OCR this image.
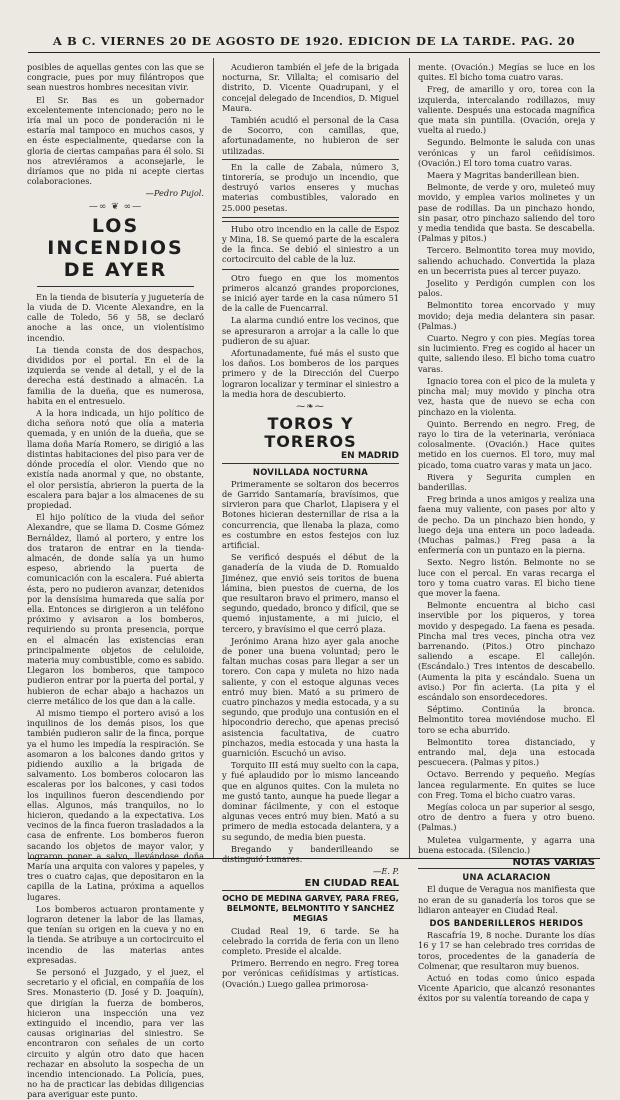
A B C. VIERNES 20 DE AGOSTO DE 1920. EDICION DE LA TARDE. PAG. 20

posibles de aquellas gentes con las que se congracie, pues por muy filántropos que sean nuestros hombres necesitan vivir.

El Sr. Bas es un gobernador excelentemente intencionado; pero no le iría mal un poco de ponderación ni le estaría mal tampoco en muchos casos, y en éste especialmente, quedarse con la gloria de ciertas campañas para él solo. Si nos atreviéramos a aconsejarle, le diríamos que no pida ni acepte ciertas colaboraciones.

—Pedro Pujol.

—∞ ❦ ∞—
LOS INCENDIOS
DE AYER

En la tienda de bisutería y juguetería de la viuda de D. Vicente Alexandre, en la calle de Toledo, 56 y 58, se declaró anoche a las once, un violentísimo incendio.

La tienda consta de dos despachos, divididos por el portal. En el de la izquierda se vende al detall, y el de la derecha está destinado a almacén. La familia de la dueña, que es numerosa, habita en el entresuelo.

A la hora indicada, un hijo político de dicha señora notó que olía a materia quemada, y en unión de la dueña, que se llama doña María Romero, se dirigió a las distintas habitaciones del piso para ver de dónde procedía el olor. Viendo que no existía nada anormal y que, no obstante, el olor persistía, abrieron la puerta de la escalera para bajar a los almacenes de su propiedad.

El hijo político de la viuda del señor Alexandre, que se llama D. Cosme Gómez Bernáldez, llamó al portero, y entre los dos trataron de entrar en la tienda-almacén, de donde salía ya un humo espeso, abriendo la puerta de comunicación con la escalera. Fué abierta ésta, pero no pudieron avanzar, detenidos por la densísima humareda que salía por ella. Entonces se dirigieron a un teléfono próximo y avisaron a los bomberos, requiriendo su pronta presencia, porque en el almacén las existencias eran principalmente objetos de celuloide, materia muy combustible, como es sabido. Llegaron los bomberos, que tampoco pudieron entrar por la puerta del portal, y hubieron de echar abajo a hachazos un cierre metálico de los que dan a la calle.

Al mismo tiempo el portero avisó a los inquilinos de los demás pisos, los que también pudieron salir de la finca, porque ya el humo les impedía la respiración. Se asomaron a los balcones dando gritos y pidiendo auxilio a la brigada de salvamento. Los bomberos colocaron las escaleras por los balcones, y casi todos los inquilinos fueron descendiendo por ellas. Algunos, más tranquilos, no lo hicieron, quedando a la expectativa. Los vecinos de la finca fueron trasladados a la casa de enfrente. Los bomberos fueron sacando los objetos de mayor valor, y lograron poner a salvo, llevándose doña María una arquita con valores y papeles, y tres o cuatro cajas, que depositaron en la capilla de la Latina, próxima a aquellos lugares.

Los bomberos actuaron prontamente y lograron detener la labor de las llamas, que tenían su origen en la cueva y no en la tienda. Se atribuye a un cortocircuito el incendio de las materias antes expresadas.

Se personó el Juzgado, y el juez, el secretario y el oficial, en compañía de los Sres. Monasterio (D. José y D. Joaquín), que dirigían la fuerza de bomberos, hicieron una inspección una vez extinguido el incendio, para ver las causas originarias del siniestro. Se encontraron con señales de un corto circuito y algún otro dato que hacen rechazar en absoluto la sospecha de un incendio intencionado. La Policía, pues, no ha de practicar las debidas diligencias para averiguar este punto.

Acudieron también el jefe de la brigada nocturna, Sr. Villalta; el comisario del distrito, D. Vicente Quadrupani, y el concejal delegado de Incendios, D. Miguel Maura.

También acudió el personal de la Casa de Socorro, con camillas, que, afortunadamente, no hubieron de ser utilizadas.

En la calle de Zabala, número 3, tintorería, se produjo un incendio, que destruyó varios enseres y muchas materias combustibles, valorado en 25.000 pesetas.

Hubo otro incendio en la calle de Espoz y Mina, 18. Se quemó parte de la escalera de la finca. Se debió el siniestro a un cortocircuito del cable de la luz.

Otro fuego en que los momentos primeros alcanzó grandes proporciones, se inició ayer tarde en la casa número 51 de la calle de Fuencarral.

La alarma cundió entre los vecinos, que se apresuraron a arrojar a la calle lo que pudieron de su ajuar.

Afortunadamente, fué más el susto que los daños. Los bomberos de los parques primero y de la Dirección del Cuerpo lograron localizar y terminar el siniestro a la media hora de descubierto.

⁓❧⁓
TOROS Y TOREROS
EN MADRID
NOVILLADA NOCTURNA

Primeramente se soltaron dos becerros de Garrido Santamaría, bravísimos, que sirvieron para que Charlot, Llapisera y el Botones hicieran desternillar de risa a la concurrencia, que llenaba la plaza, como es costumbre en estos festejos con luz artificial.

Se verificó después el début de la ganadería de la viuda de D. Romualdo Jiménez, que envió seis toritos de buena lámina, bien puestos de cuerna, de los que resultaron bravo el primero, manso el segundo, quedado, bronco y difícil, que se quemó injustamente, a mi juicio, el tercero, y bravísimo el que cerró plaza.

Jerónimo Arana hizo ayer gala anoche de poner una buena voluntad; pero le faltan muchas cosas para llegar a ser un torero. Con capa y muleta no hizo nada saliente, y con el estoque algunas veces entró muy bien. Mató a su primero de cuatro pinchazos y media estocada, y a su segundo, que produjo una contusión en el hipocondrio derecho, que apenas precisó asistencia facultativa, de cuatro pinchazos, media estocada y una hasta la guarnición. Escuchó un aviso.

Torquito III está muy suelto con la capa, y fué aplaudido por lo mismo lanceando que en algunos quites. Con la muleta no me gustó tanto, aunque ha puede llegar a dominar fácilmente, y con el estoque algunas veces entró muy bien. Mató a su primero de media estocada delantera, y a su segundo, de media bien puesta.

Bregando y banderilleando se distinguió Lunares.

—E. P.

EN CIUDAD REAL
OCHO DE MEDINA GARVEY, PARA FREG, BELMONTE, BELMONTITO Y SANCHEZ MEGIAS

Ciudad Real 19, 6 tarde. Se ha celebrado la corrida de feria con un lleno completo. Preside el alcalde.

Primero. Berrendo en negro. Freg torea por verónicas ceñidísimas y artísticas. (Ovación.) Luego gallea primorosa-

mente. (Ovación.) Megías se luce en los quites. El bicho toma cuatro varas.

Freg, de amarillo y oro, torea con la izquierda, intercalando rodillazos, muy valiente. Después una estocada magnífica que mata sin puntilla. (Ovación, oreja y vuelta al ruedo.)

Segundo. Belmonte le saluda con unas verónicas y un farol ceñidísimos. (Ovación.) El toro toma cuatro varas.

Maera y Magritas banderillean bien.

Belmonte, de verde y oro, muleteó muy movido, y emplea varios molinetes y un pase de rodillas. Da un pinchazo hondo, sin pasar, otro pinchazo saliendo del toro y media tendida que basta. Se descabella. (Palmas y pitos.)

Tercero. Belmontito torea muy movido, saliendo achuchado. Convertida la plaza en un becerrista pues al tercer puyazo.

Joselito y Perdigón cumplen con los palos.

Belmontito torea encorvado y muy movido; deja media delantera sin pasar. (Palmas.)

Cuarto. Negro y con pies. Megías torea sin lucimiento. Freg es cogido al hacer un quite, saliendo ileso. El bicho toma cuatro varas.

Ignacio torea con el pico de la muleta y pincha mal; muy movido y pincha otra vez, hasta que de nuevo se echa con pinchazo en la violenta.

Quinto. Berrendo en negro. Freg, de rayo lo tira de la veterinaria, veróniaca colosalmente. (Ovación.) Hace quites metido en los cuernos. El toro, muy mal picado, toma cuatro varas y mata un jaco.

Rivera y Segurita cumplen en banderillas.

Freg brinda a unos amigos y realiza una faena muy valiente, con pases por alto y de pecho. Da un pinchazo bien hondo, y luego deja una entera un poco ladeada. (Muchas palmas.) Freg pasa a la enfermería con un puntazo en la pierna.

Sexto. Negro listón. Belmonte no se luce con el percal. En varas recarga el toro y toma cuatro varas. El bicho tiene que mover la faena.

Belmonte encuentra al bicho casi inservible por los piqueros, y torea movido y despegado. La faena es pesada. Pincha mal tres veces, pincha otra vez barrenando. (Pitos.) Otro pinchazo saliendo a escape. El callejón. (Escándalo.) Tres intentos de descabello. (Aumenta la pita y escándalo. Suena un aviso.) Por fin acierta. (La pita y el escándalo son ensordecedores.

Séptimo. Continúa la bronca. Belmontito torea moviéndose mucho. El toro se echa aburrido.

Belmontito torea distanciado, y entrando mal, deja una estocada pescuecera. (Palmas y pitos.)

Octavo. Berrendo y pequeño. Megías lancea regularmente. En quites se luce con Freg. Toma el bicho cuatro varas.

Megías coloca un par superior al sesgo, otro de dentro a fuera y otro bueno. (Palmas.)

Muletea vulgarmente, y agarra una buena estocada. (Silencio.)

NOTAS VARIAS
UNA ACLARACION

El duque de Veragua nos manifiesta que no eran de su ganadería los toros que se lidiaron anteayer en Ciudad Real.

DOS BANDERILLEROS HERIDOS

Rascafría 19, 8 noche. Durante los días 16 y 17 se han celebrado tres corridas de toros, procedentes de la ganadería de Colmenar, que resultaron muy buenos.

Actuó en todas como único espada Vicente Aparicio, que alcanzó resonantes éxitos por su valentía toreando de capa y
